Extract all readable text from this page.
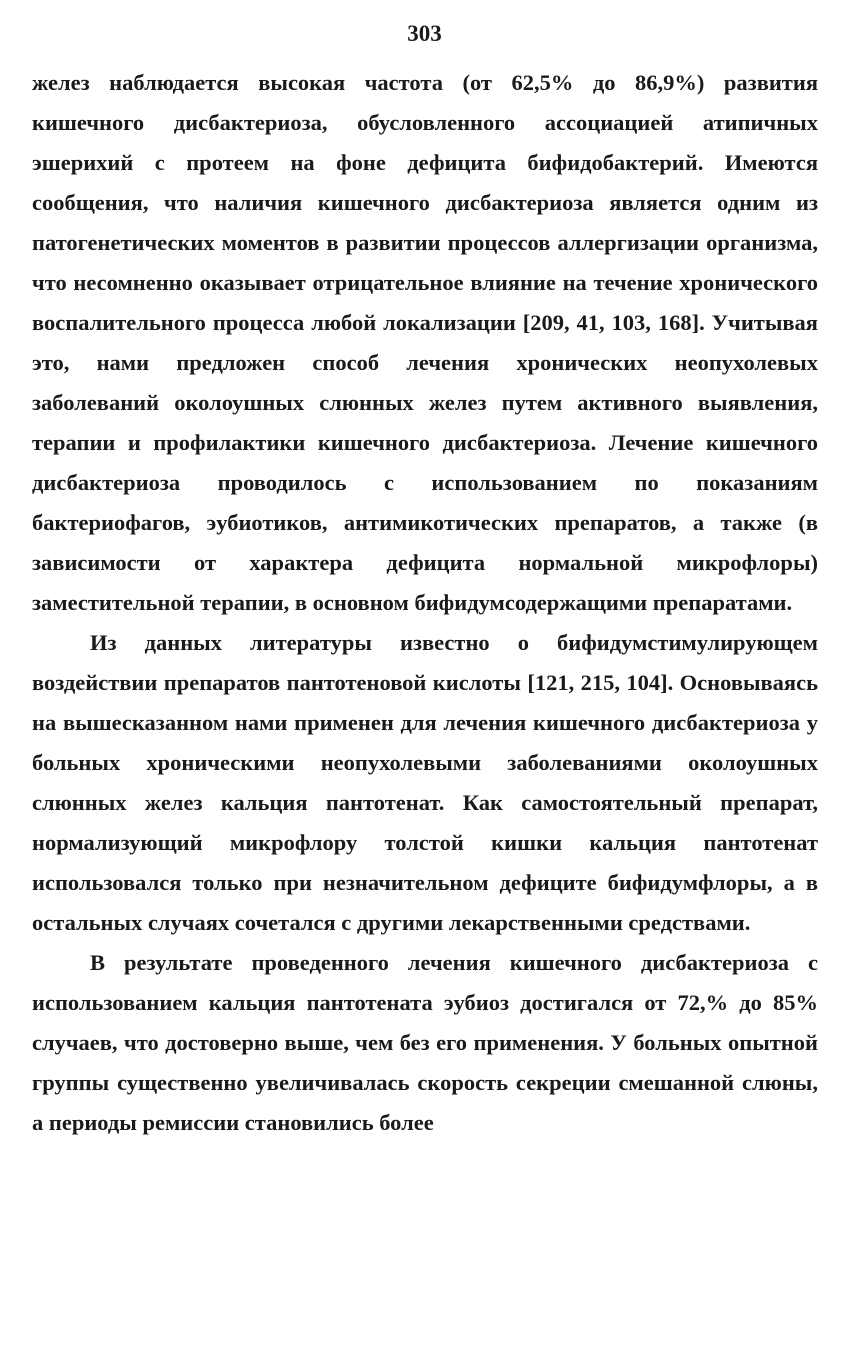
303

желез наблюдается высокая частота (от 62,5% до 86,9%) развития кишечного дисбактериоза, обусловленного ассоциацией атипичных эшерихий с протеем на фоне дефицита бифидобактерий. Имеются сообщения, что наличия кишечного дисбактериоза является одним из патогенетических моментов в развитии процессов аллергизации организма, что несомненно оказывает отрицательное влияние на течение хронического воспалительного процесса любой локализации [209, 41, 103, 168]. Учитывая это, нами предложен способ лечения хронических неопухолевых заболеваний околоушных слюнных желез путем активного выявления, терапии и профилактики кишечного дисбактериоза. Лечение кишечного дисбактериоза проводилось с использованием по показаниям бактериофагов, эубиотиков, антимикотических препаратов, а также (в зависимости от характера дефицита нормальной микрофлоры) заместительной терапии, в основном бифидумсодержащими препаратами.

Из данных литературы известно о бифидумстимулирующем воздействии препаратов пантотеновой кислоты [121, 215, 104]. Основываясь на вышесказанном нами применен для лечения кишечного дисбактериоза у больных хроническими неопухолевыми заболеваниями околоушных слюнных желез кальция пантотенат. Как самостоятельный препарат, нормализующий микрофлору толстой кишки кальция пантотенат использовался только при незначительном дефиците бифидумфлоры, а в остальных случаях сочетался с другими лекарственными средствами.

В результате проведенного лечения кишечного дисбактериоза с использованием кальция пантотената эубиоз достигался от 72,% до 85% случаев, что достоверно выше, чем без его применения. У больных опытной группы существенно увеличивалась скорость секреции смешанной слюны, а периоды ремиссии становились более
